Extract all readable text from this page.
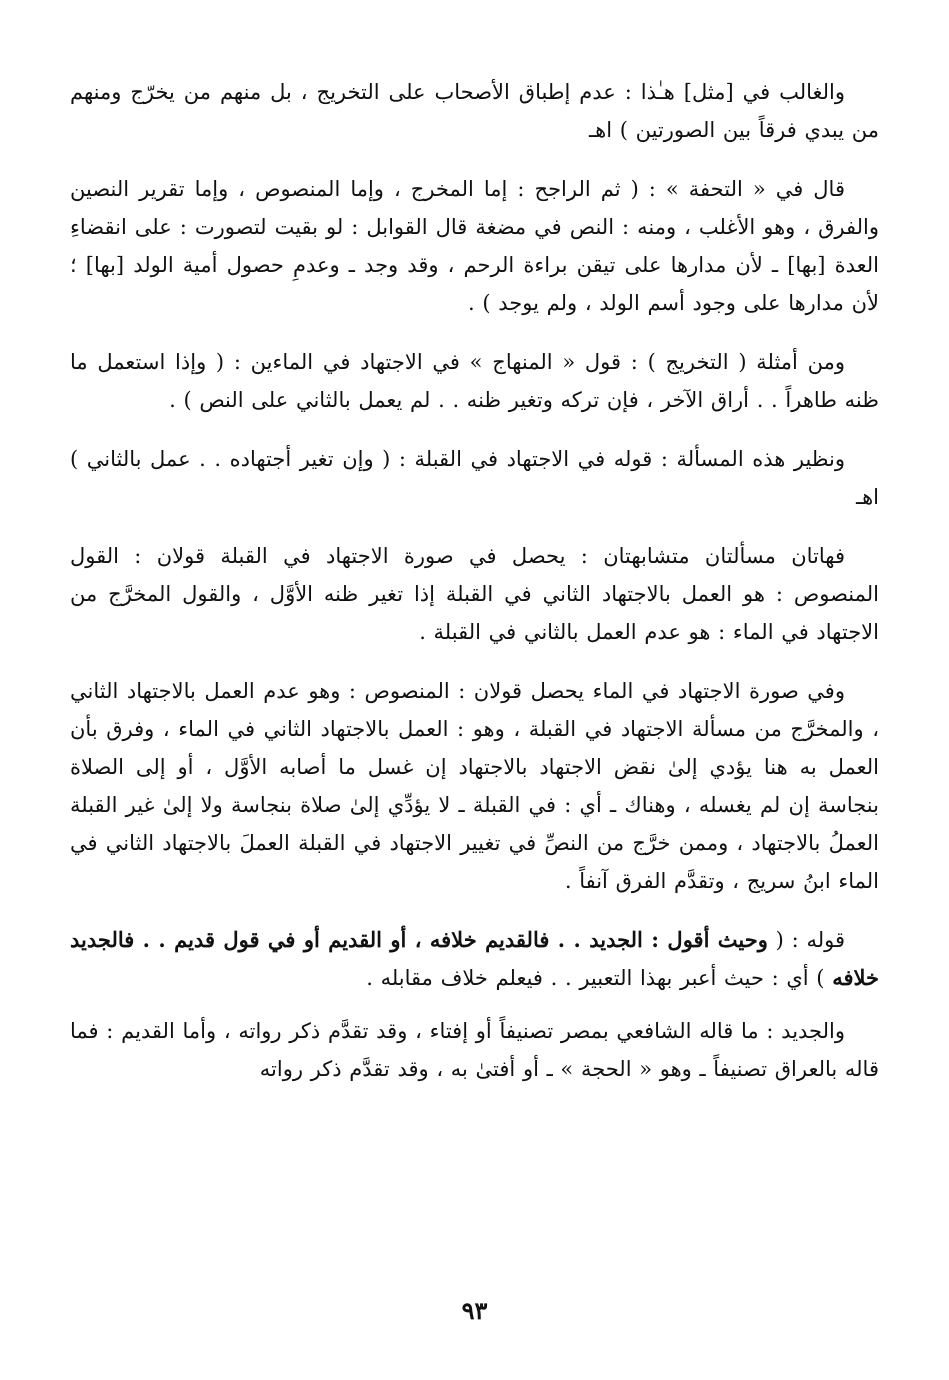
والغالب في [مثل] هـٰذا : عدم إطباق الأصحاب على التخريج ، بل منهم من يخرّج ومنهم من يبدي فرقاً بين الصورتين ) اهـ

قال في « التحفة » : ( ثم الراجح : إما المخرج ، وإما المنصوص ، وإما تقرير النصين والفرق ، وهو الأغلب ، ومنه : النص في مضغة قال القوابل : لو بقيت لتصورت : على انقضاءِ العدة [بها] ـ لأن مدارها على تيقن براءة الرحم ، وقد وجد ـ وعدمِ حصول أمية الولد [بها] ؛ لأن مدارها على وجود أسم الولد ، ولم يوجد ) .

ومن أمثلة ( التخريج ) : قول « المنهاج » في الاجتهاد في الماءين : ( وإذا استعمل ما ظنه طاهراً . . أراق الآخر ، فإن تركه وتغير ظنه . . لم يعمل بالثاني على النص ) .

ونظير هذه المسألة : قوله في الاجتهاد في القبلة : ( وإن تغير أجتهاده . . عمل بالثاني ) اهـ

فهاتان مسألتان متشابهتان : يحصل في صورة الاجتهاد في القبلة قولان : القول المنصوص : هو العمل بالاجتهاد الثاني في القبلة إذا تغير ظنه الأوَّل ، والقول المخرَّج من الاجتهاد في الماء : هو عدم العمل بالثاني في القبلة .

وفي صورة الاجتهاد في الماء يحصل قولان : المنصوص : وهو عدم العمل بالاجتهاد الثاني ، والمخرَّج من مسألة الاجتهاد في القبلة ، وهو : العمل بالاجتهاد الثاني في الماء ، وفرق بأن العمل به هنا يؤدي إلىٰ نقض الاجتهاد بالاجتهاد إن غسل ما أصابه الأوَّل ، أو إلى الصلاة بنجاسة إن لم يغسله ، وهناك ـ أي : في القبلة ـ لا يؤدِّي إلىٰ صلاة بنجاسة ولا إلىٰ غير القبلة العملُ بالاجتهاد ، وممن خرَّج من النصِّ في تغيير الاجتهاد في القبلة العملَ بالاجتهاد الثاني في الماء ابنُ سريج ، وتقدَّم الفرق آنفاً .

قوله : ( وحيث أقول : الجديد . . فالقديم خلافه ، أو القديم أو في قول قديم . . فالجديد خلافه ) أي : حيث أعبر بهذا التعبير . . فيعلم خلاف مقابله .

والجديد : ما قاله الشافعي بمصر تصنيفاً أو إفتاء ، وقد تقدَّم ذكر رواته ، وأما القديم : فما قاله بالعراق تصنيفاً ـ وهو « الحجة » ـ أو أفتىٰ به ، وقد تقدَّم ذكر رواته

٩٣
